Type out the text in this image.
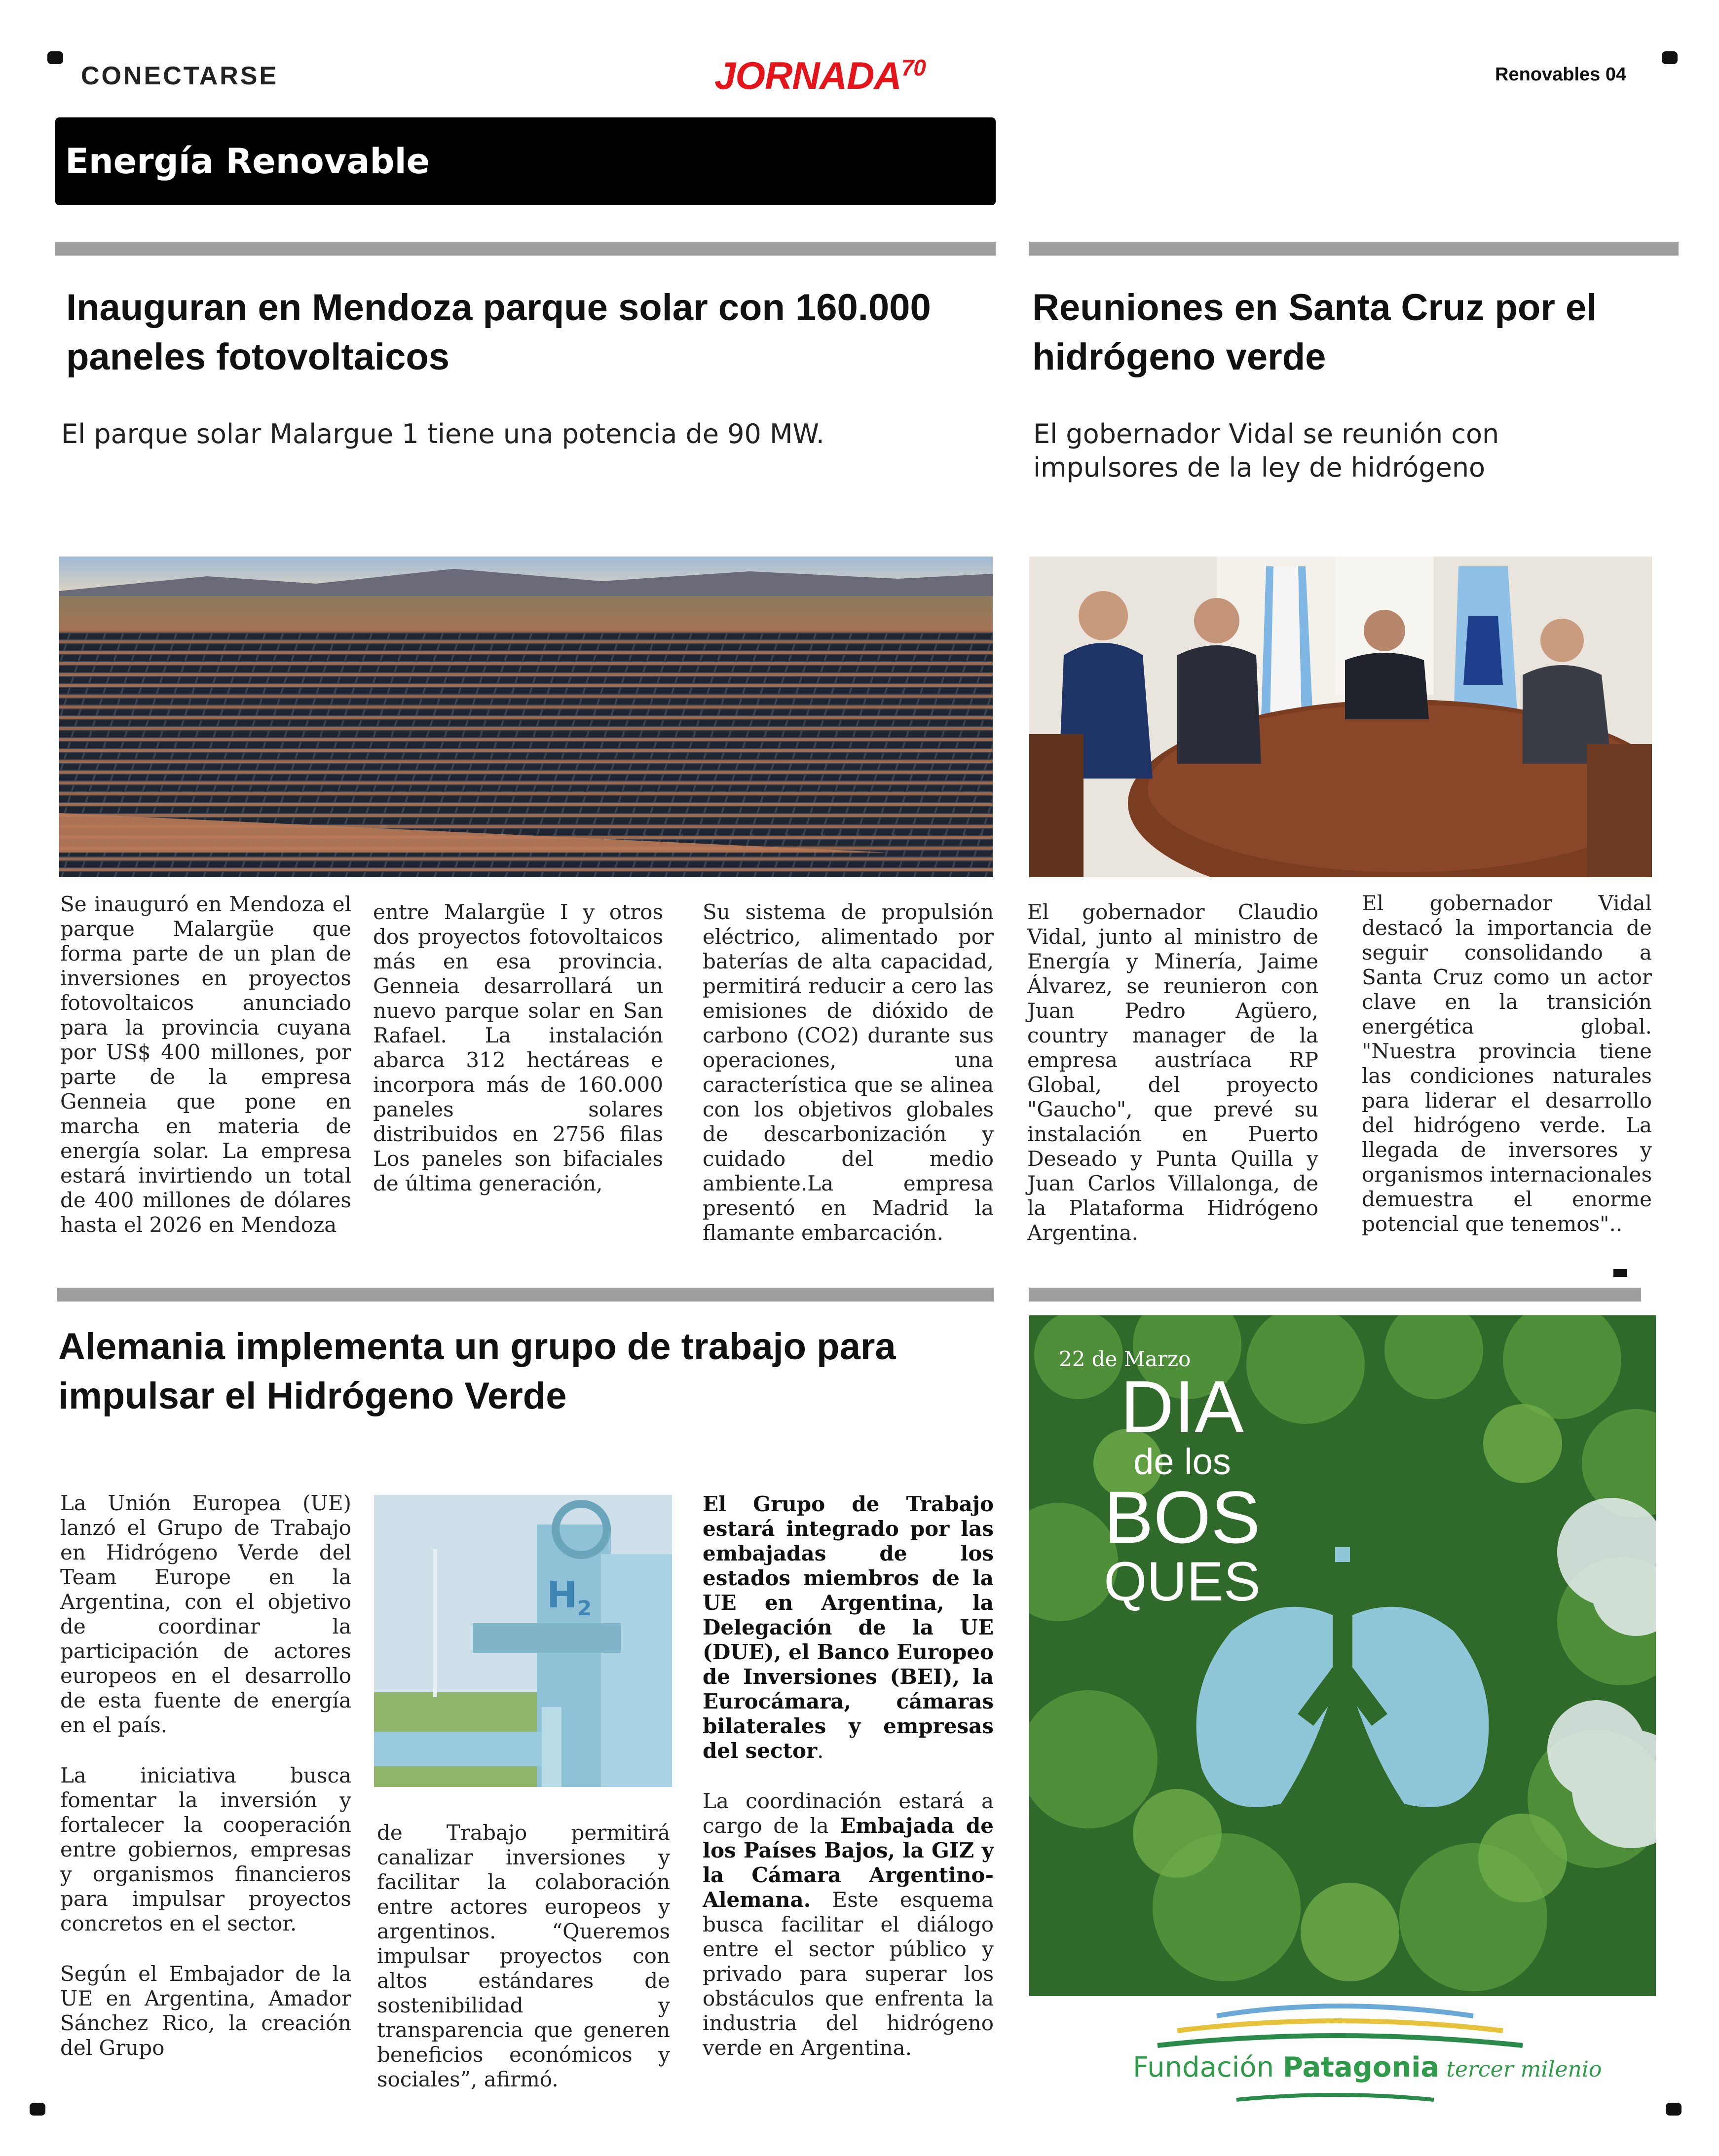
CONECTARSE	JORNADA$^{70}$	Renovables 04
Energía Renovable
Inauguran en Mendoza parque solar con 160.000
paneles fotovoltaicos
El parque solar Malargue 1 tiene una potencia de 90 MW.
Se inauguró en Mendoza el parque Malargüe que forma parte de un plan de inversiones en proyectos fotovoltaicos anunciado para la provincia cuyana por US$ 400 millones, por parte de la empresa Genneia que pone en marcha en materia de energía solar. La empresa estará invirtiendo un total de 400 millones de dólares hasta el 2026 en Mendoza
entre Malargüe I y otros dos proyectos fotovoltaicos más en esa provincia. Genneia desarrollará un nuevo parque solar en San Rafael. La instalación abarca 312 hectáreas e incorpora más de 160.000 paneles solares distribuidos en 2756 filas Los paneles son bifaciales de última generación,
Su sistema de propulsión eléctrico, alimentado por baterías de alta capacidad, permitirá reducir a cero las emisiones de dióxido de carbono (CO2) durante sus operaciones, una característica que se alinea con los objetivos globales de descarbonización y cuidado del medio ambiente.La empresa presentó en Madrid la flamante embarcación.
Reuniones en Santa Cruz por el
hidrógeno verde
El gobernador Vidal se reunión con
impulsores de la ley de hidrógeno
El gobernador Claudio Vidal, junto al ministro de Energía y Minería, Jaime Álvarez, se reunieron con Juan Pedro Agüero, country manager de la empresa austríaca RP Global, del proyecto "Gaucho", que prevé su instalación en Puerto Deseado y Punta Quilla y Juan Carlos Villalonga, de la Plataforma Hidrógeno Argentina.
El gobernador Vidal destacó la importancia de seguir consolidando a Santa Cruz como un actor clave en la transición energética global. "Nuestra provincia tiene las condiciones naturales para liderar el desarrollo del hidrógeno verde. La llegada de inversores y organismos internacionales demuestra el enorme potencial que tenemos"..
Alemania implementa un grupo de trabajo para
impulsar el Hidrógeno Verde

La Unión Europea (UE) lanzó el Grupo de Trabajo en Hidrógeno Verde del Team Europe en la Argentina, con el objetivo de coordinar la participación de actores europeos en el desarrollo de esta fuente de energía en el país.

La iniciativa busca fomentar la inversión y fortalecer la cooperación entre gobiernos, empresas y organismos financieros para impulsar proyectos concretos en el sector.

Según el Embajador de la UE en Argentina, Amador Sánchez Rico, la creación del Grupo

$H_2$
de Trabajo permitirá canalizar inversiones y facilitar la colaboración entre actores europeos y argentinos. “Queremos impulsar proyectos con altos estándares de sostenibilidad y transparencia que generen beneficios económicos y sociales”, afirmó.

El Grupo de Trabajo estará integrado por las embajadas de los estados miembros de la UE en Argentina, la Delegación de la UE (DUE), el Banco Europeo de Inversiones (BEI), la Eurocámara, cámaras bilaterales y empresas del sector.

La coordinación estará a cargo de la Embajada de los Países Bajos, la GIZ y la Cámara Argentino-Alemana. Este esquema busca facilitar el diálogo entre el sector público y privado para superar los obstáculos que enfrenta la industria del hidrógeno verde en Argentina.

22 de Marzo
DIA
de los
BOS
QUES
Fundación Patagonia tercer milenio
